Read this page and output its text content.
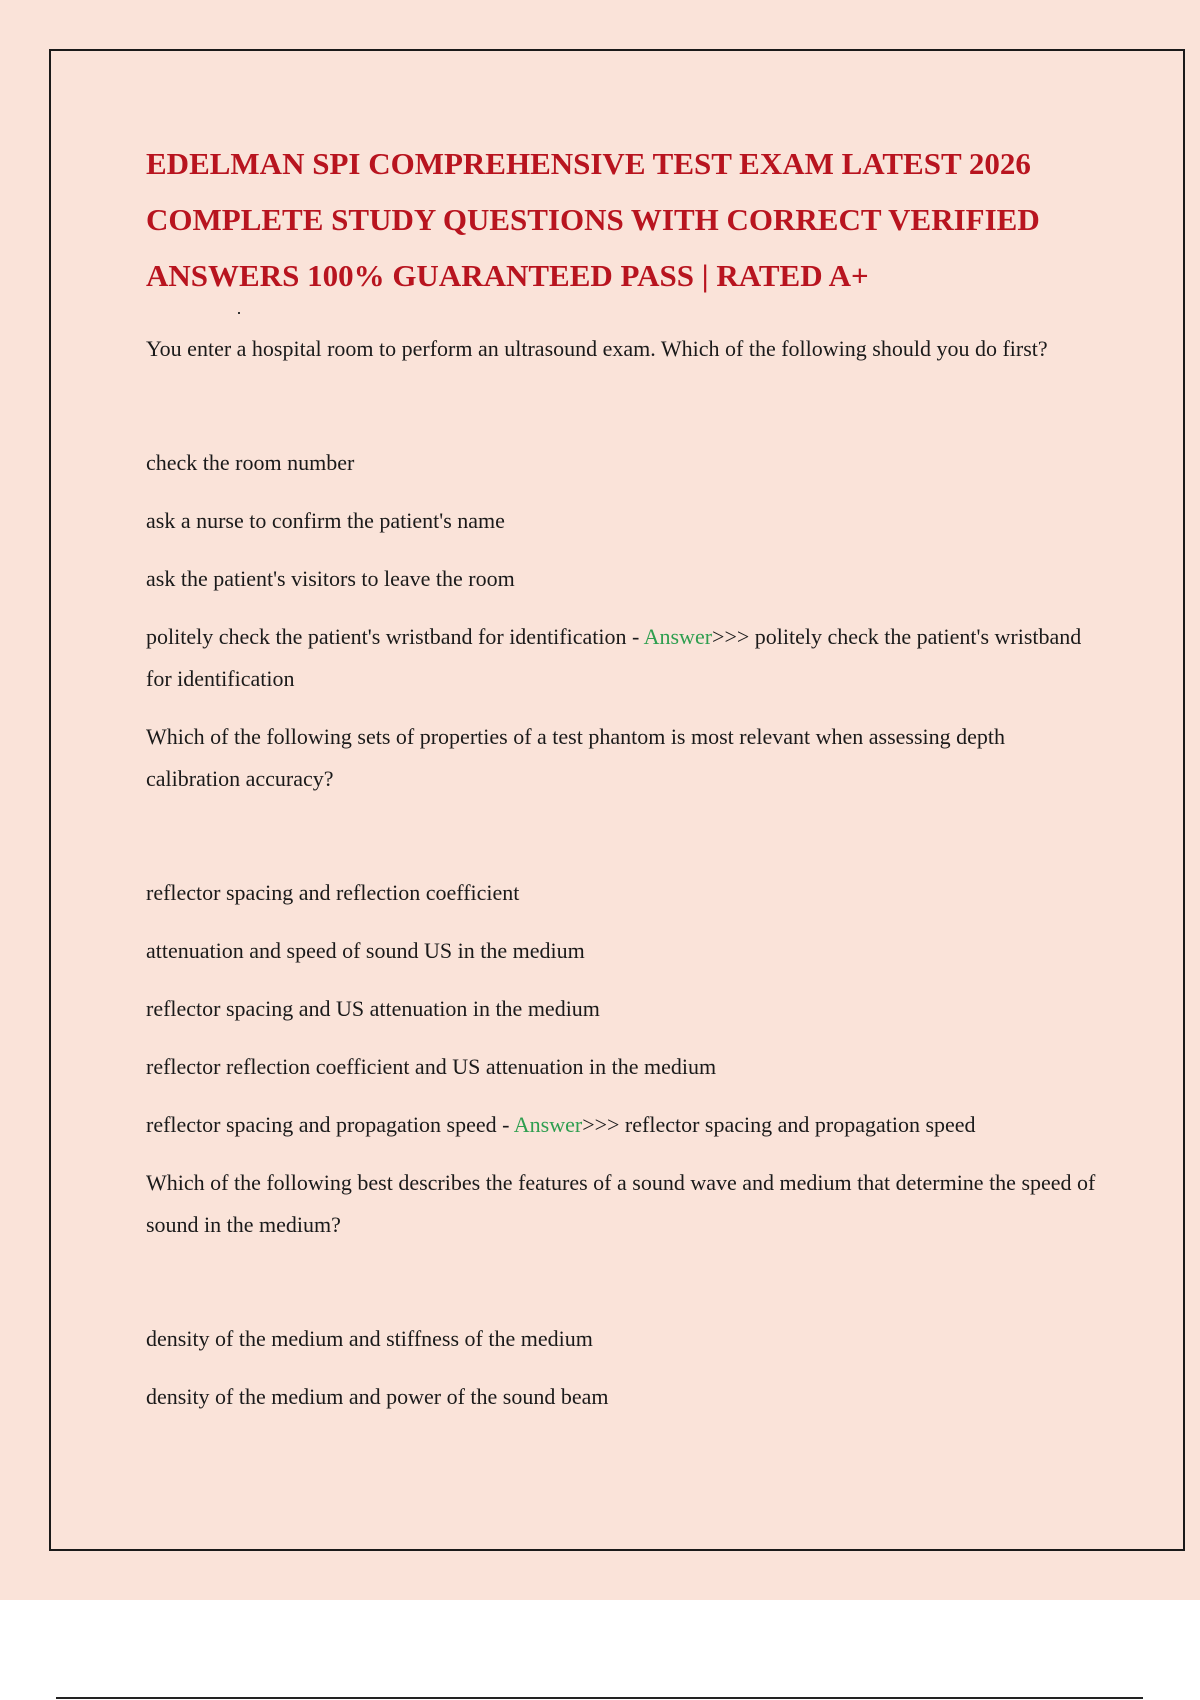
EDELMAN SPI COMPREHENSIVE TEST EXAM LATEST 2026
COMPLETE STUDY QUESTIONS WITH CORRECT VERIFIED
ANSWERS 100% GUARANTEED PASS | RATED A+

You enter a hospital room to perform an ultrasound exam. Which of the following should you do first?

check the room number

ask a nurse to confirm the patient's name

ask the patient's visitors to leave the room

politely check the patient's wristband for identification - Answer>>> politely check the patient's wristband for identification

Which of the following sets of properties of a test phantom is most relevant when assessing depth calibration accuracy?

reflector spacing and reflection coefficient

attenuation and speed of sound US in the medium

reflector spacing and US attenuation in the medium

reflector reflection coefficient and US attenuation in the medium

reflector spacing and propagation speed - Answer>>> reflector spacing and propagation speed

Which of the following best describes the features of a sound wave and medium that determine the speed of sound in the medium?

density of the medium and stiffness of the medium

density of the medium and power of the sound beam
